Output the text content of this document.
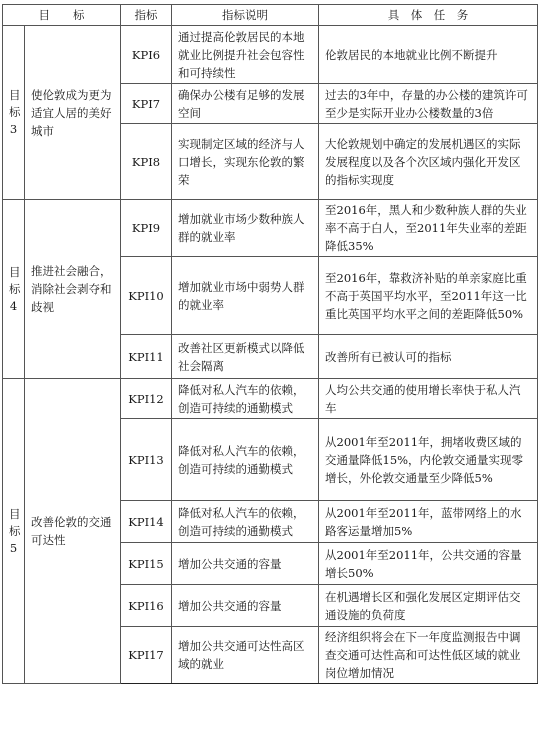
目　　标		指标	指标说明	具　体　任　务

目
标
3	使伦敦成为更为适宜人居的美好城市	KPI6	通过提高伦敦居民的本地就业比例提升社会包容性和可持续性	伦敦居民的本地就业比例不断提升
		KPI7	确保办公楼有足够的发展空间	过去的3年中，存量的办公楼的建筑许可至少是实际开业办公楼数量的3倍
		KPI8	实现制定区域的经济与人口增长，实现东伦敦的繁荣	大伦敦规划中确定的发展机遇区的实际发展程度以及各个次区域内强化开发区的指标实现度

目
标
4	推进社会融合，消除社会剥夺和歧视	KPI9	增加就业市场少数种族人群的就业率	至2016年，黑人和少数种族人群的失业率不高于白人，至2011年失业率的差距降低35%
		KPI10	增加就业市场中弱势人群的就业率	至2016年，靠救济补贴的单亲家庭比重不高于英国平均水平，至2011年这一比重比英国平均水平之间的差距降低50%
		KPI11	改善社区更新模式以降低社会隔离	改善所有已被认可的指标

目
标
5	改善伦敦的交通可达性	KPI12	降低对私人汽车的依赖，创造可持续的通勤模式	人均公共交通的使用增长率快于私人汽车
		KPI13	降低对私人汽车的依赖，创造可持续的通勤模式	从2001年至2011年，拥堵收费区域的交通量降低15%，内伦敦交通量实现零增长，外伦敦交通量至少降低5%
		KPI14	降低对私人汽车的依赖，创造可持续的通勤模式	从2001年至2011年，蓝带网络上的水路客运量增加5%
		KPI15	增加公共交通的容量	从2001年至2011年，公共交通的容量增长50%
		KPI16	增加公共交通的容量	在机遇增长区和强化发展区定期评估交通设施的负荷度
		KPI17	增加公共交通可达性高区域的就业	经济组织将会在下一年度监测报告中调查交通可达性高和可达性低区域的就业岗位增加情况
